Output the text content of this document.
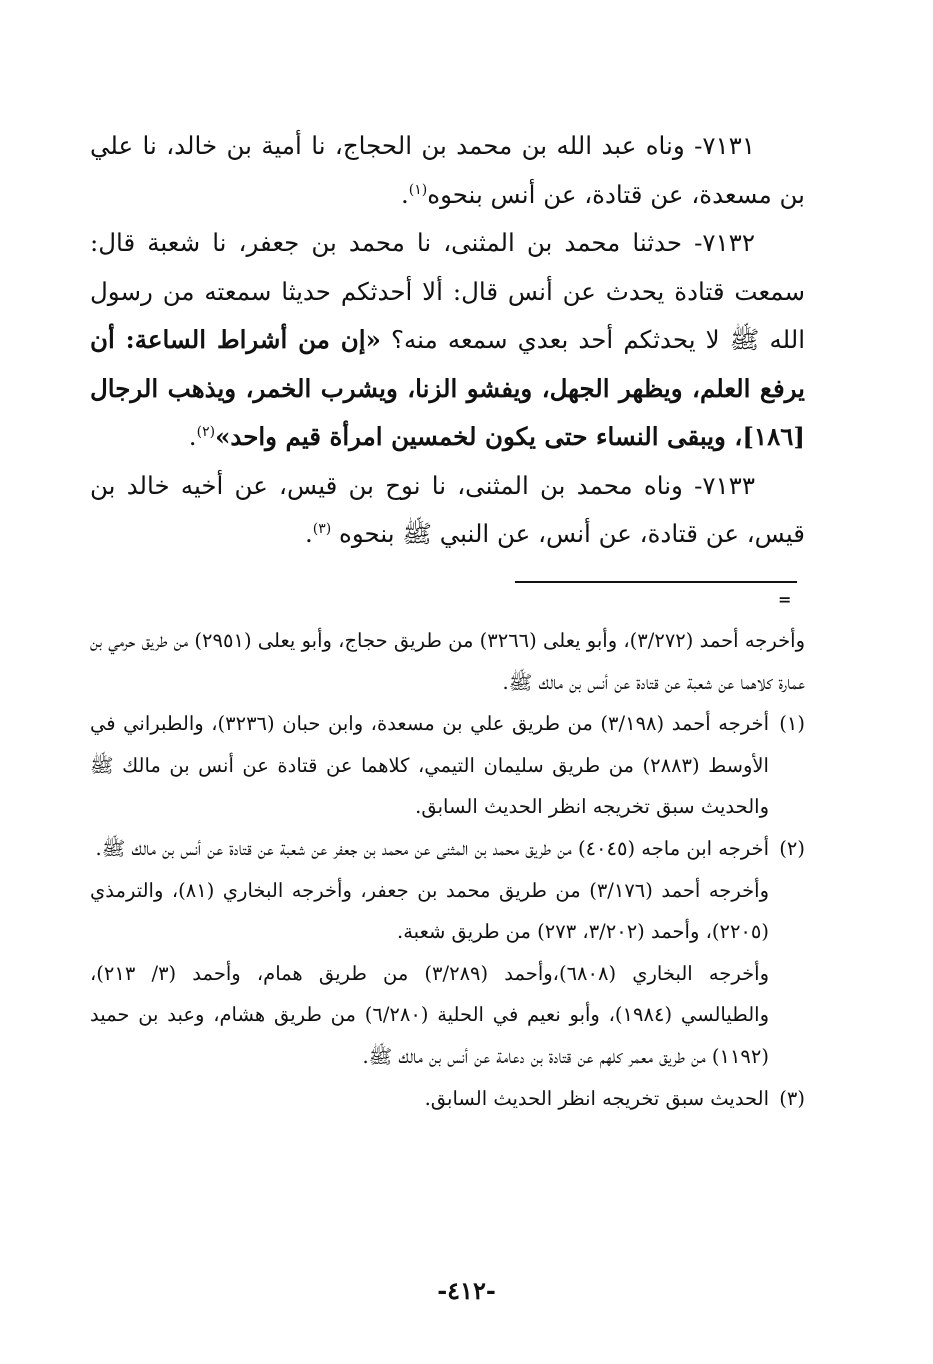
٧١٣١- وناه عبد الله بن محمد بن الحجاج، نا أمية بن خالد، نا علي بن مسعدة، عن قتادة، عن أنس بنحوه$^{(١)}$.

٧١٣٢- حدثنا محمد بن المثنى، نا محمد بن جعفر، نا شعبة قال: سمعت قتادة يحدث عن أنس قال: ألا أحدثكم حديثا سمعته من رسول الله ﷺ لا يحدثكم أحد بعدي سمعه منه؟ «إن من أشراط الساعة: أن يرفع العلم، ويظهر الجهل، ويفشو الزنا، ويشرب الخمر، ويذهب الرجال [١٨٦]، ويبقى النساء حتى يكون لخمسين امرأة قيم واحد»$^{(٢)}$.

٧١٣٣- وناه محمد بن المثنى، نا نوح بن قيس، عن أخيه خالد بن قيس، عن قتادة، عن أنس، عن النبي ﷺ بنحوه $^{(٣)}$.

=

وأخرجه أحمد (٣/٢٧٢)، وأبو يعلى (٣٢٦٦) من طريق حجاج، وأبو يعلى (٢٩٥١) من طريق حرمي بن عمارة كلاهما عن شعبة عن قتادة عن أنس بن مالك ﷺ.

(١)
أخرجه أحمد (٣/١٩٨) من طريق علي بن مسعدة، وابن حبان (٣٢٣٦)، والطبراني في الأوسط (٢٨٨٣) من طريق سليمان التيمي، كلاهما عن قتادة عن أنس بن مالك ﷺ والحديث سبق تخريجه انظر الحديث السابق.

(٢)
أخرجه ابن ماجه (٤٠٤٥) من طريق محمد بن المثنى عن محمد بن جعفر عن شعبة عن قتادة عن أنس بن مالك ﷺ.

وأخرجه أحمد (٣/١٧٦) من طريق محمد بن جعفر، وأخرجه البخاري (٨١)، والترمذي (٢٢٠٥)، وأحمد (٣/٢٠٢، ٢٧٣) من طريق شعبة.

وأخرجه البخاري (٦٨٠٨)،وأحمد (٣/٢٨٩) من طريق همام، وأحمد (٣/ ٢١٣)، والطيالسي (١٩٨٤)، وأبو نعيم في الحلية (٦/٢٨٠) من طريق هشام، وعبد بن حميد (١١٩٢) من طريق معمر كلهم عن قتادة بن دعامة عن أنس بن مالك ﷺ.

(٣)
الحديث سبق تخريجه انظر الحديث السابق.

-٤١٢-
